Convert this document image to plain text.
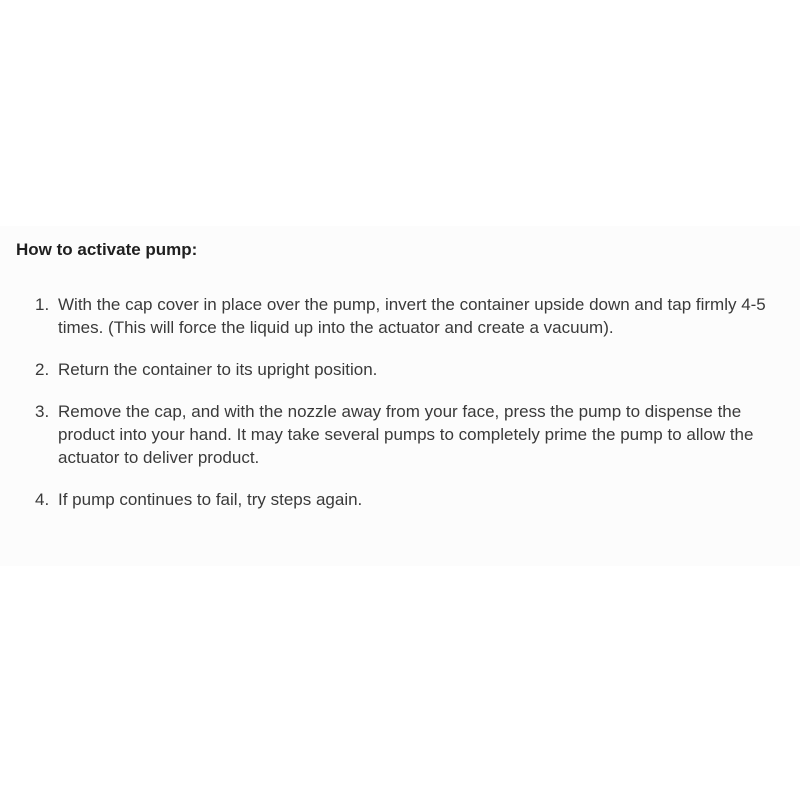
How to activate pump:
1. With the cap cover in place over the pump, invert the container upside down and tap firmly 4-5 times. (This will force the liquid up into the actuator and create a vacuum).
2. Return the container to its upright position.
3. Remove the cap, and with the nozzle away from your face, press the pump to dispense the product into your hand. It may take several pumps to completely prime the pump to allow the actuator to deliver product.
4. If pump continues to fail, try steps again.
